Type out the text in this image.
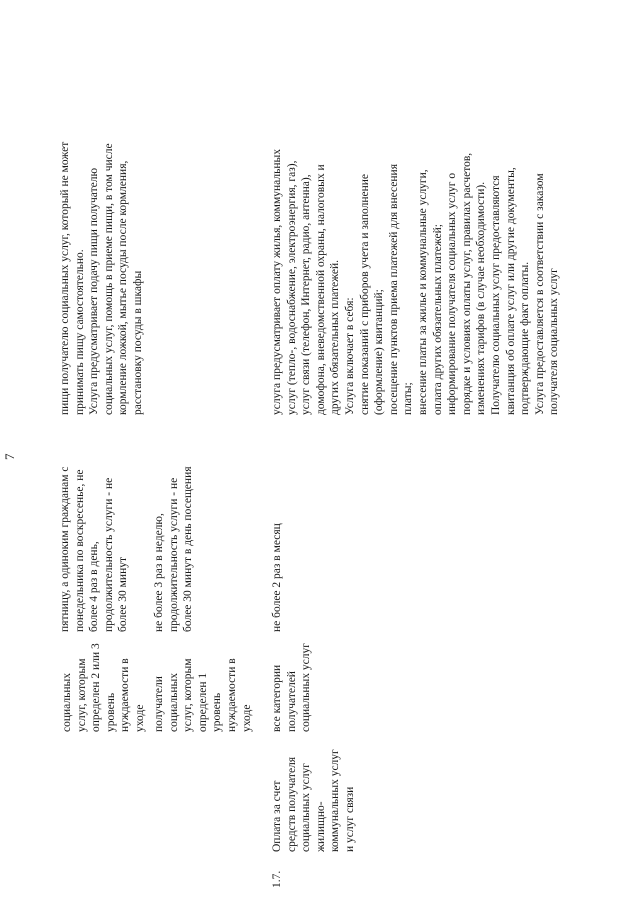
7
социальных услуг, которым определен 2 или 3 уровень нуждаемости в уходе
пятницу, а одиноким гражданам с понедельника по воскресенье, не более 4 раз в день, продолжительность услуги - не более 30 минут
пищи получателю социальных услуг, который не может принимать пищу самостоятельно. Услуга предусматривает подачу пищи получателю социальных услуг, помощь в приеме пищи, в том числе кормление ложкой, мытье посуды после кормления, расстановку посуды в шкафы
получатели социальных услуг, которым определен 1 уровень нуждаемости в уходе
не более 3 раз в неделю, продолжительность услуги - не более 30 минут в день посещения
1.7.
Оплата за счет средств получателя социальных услуг жилищно- коммунальных услуг и услуг связи
все категории получателей социальных услуг
не более 2 раз в месяц
услуга предусматривает оплату жилья, коммунальных услуг (тепло-, водоснабжение, электроэнергия, газ), услуг связи (телефон, Интернет, радио, антенна), домофона, вневедомственной охраны, налоговых и других обязательных платежей. Услуга включает в себя: снятие показаний с приборов учета и заполнение (оформление) квитанций; посещение пунктов приема платежей для внесения платы; внесение платы за жилье и коммунальные услуги, оплата других обязательных платежей; информирование получателя социальных услуг о порядке и условиях оплаты услуг, правилах расчетов, изменениях тарифов (в случае необходимости). Получателю социальных услуг предоставляются квитанция об оплате услуг или другие документы, подтверждающие факт оплаты. Услуга предоставляется в соответствии с заказом получателя социальных услуг
